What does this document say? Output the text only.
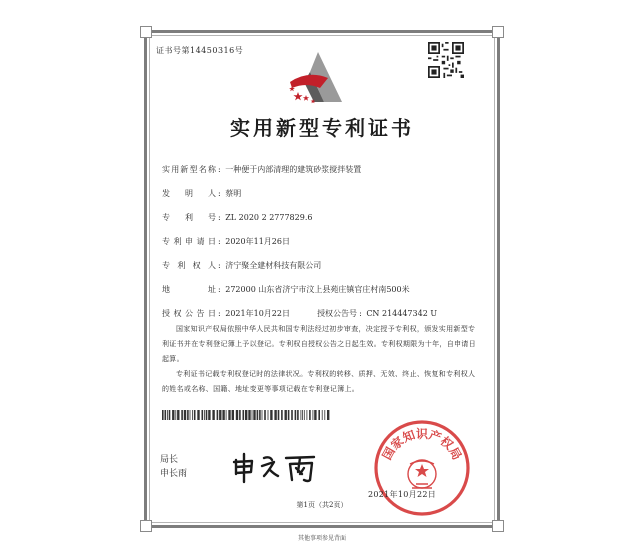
证书号第14450316号
实用新型专利证书
实用新型名称 : 一种便于内部清理的建筑砂浆搅拌装置
发 明 人 : 蔡明
专 利 号 : ZL 2020 2 2777829.6
专利申请日 : 2020年11月26日
专利权人 : 济宁聚全建材科技有限公司
地 址 : 272000 山东省济宁市汶上县苑庄镇官庄村南500米
授权公告日 : 2021年10月22日	授权公告号 : CN 214447342 U
国家知识产权局依照中华人民共和国专利法经过初步审查，决定授予专利权，颁发实用新型专利证书并在专利登记簿上予以登记。专利权自授权公告之日起生效。专利权期限为十年，自申请日起算。
专利证书记载专利权登记时的法律状况。专利权的转移、质押、无效、终止、恢复和专利权人的姓名或名称、国籍、地址变更等事项记载在专利登记簿上。
局长
申长雨
国家知识产权局
2021年10月22日
第1页（共2页）
其他事项参见背面
